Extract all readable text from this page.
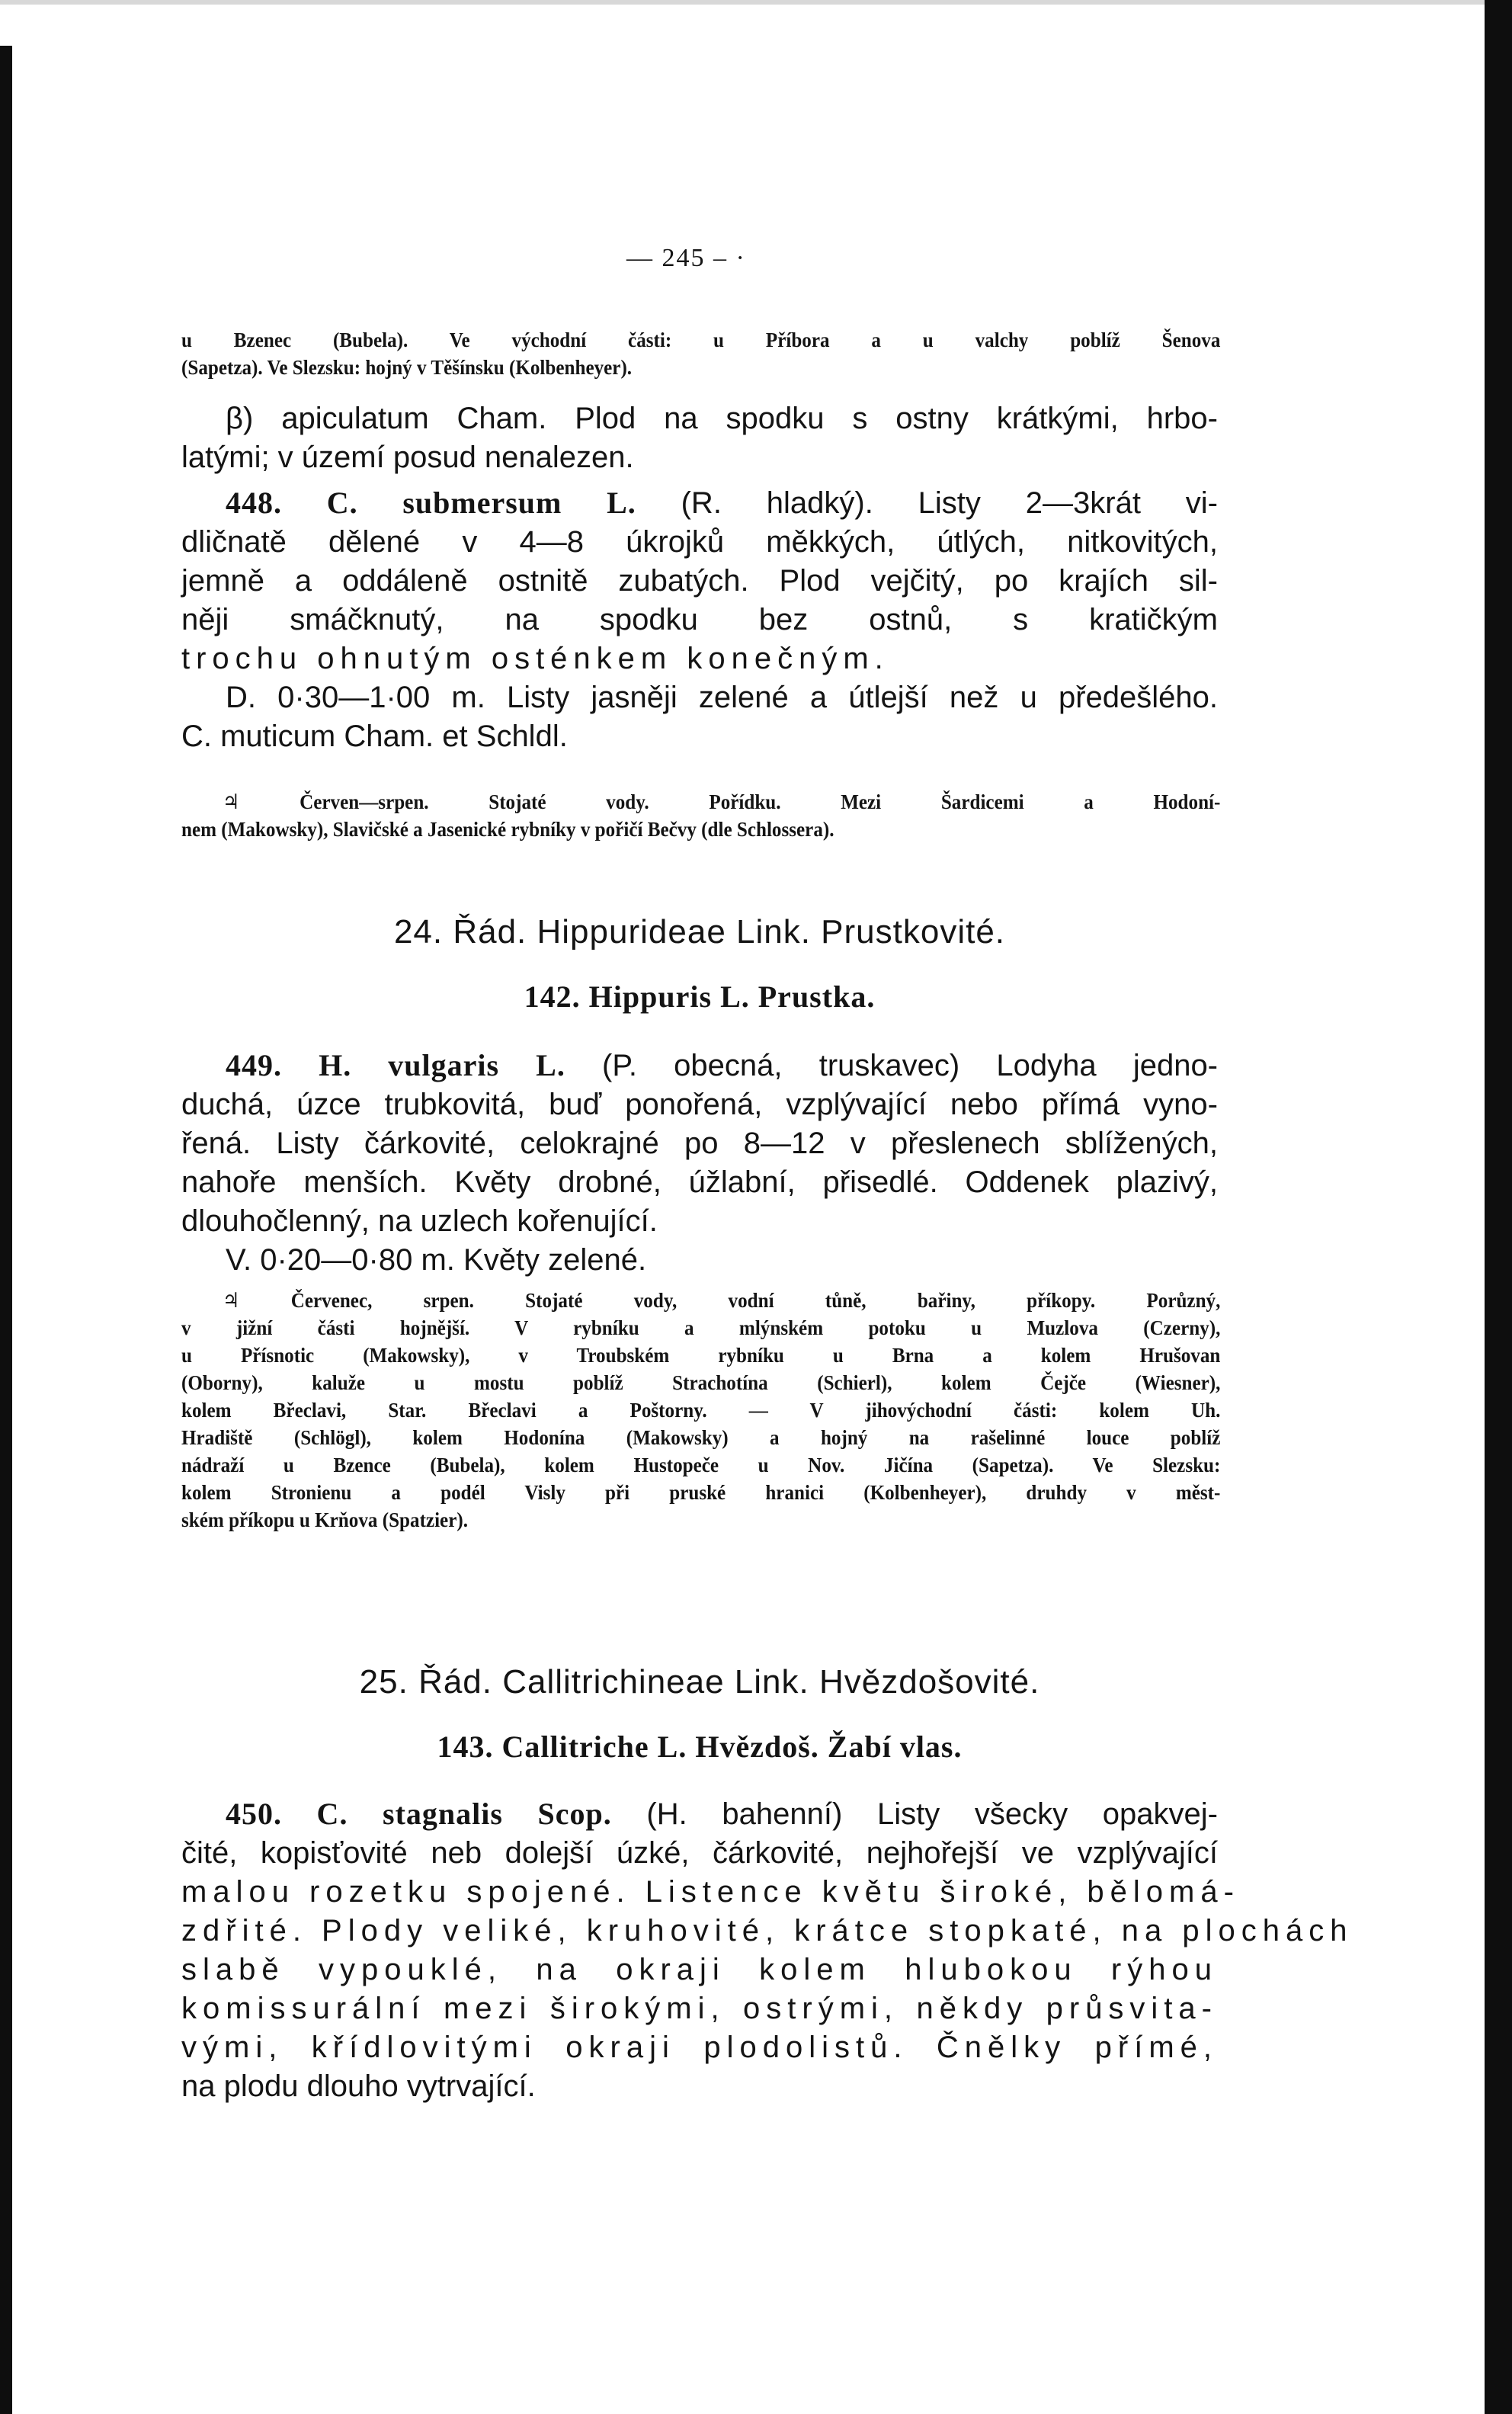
— 245 – ·
u Bzenec (Bubela). Ve východní části: u Příbora a u valchy poblíž Šenova
(Sapetza). Ve Slezsku: hojný v Těšínsku (Kolbenheyer).
β) apiculatum Cham. Plod na spodku s ostny krátkými, hrbo-
latými; v území posud nenalezen.
448. C. submersum L. (R. hladký). Listy 2—3krát vi-
dličnatě dělené v 4—8 úkrojků měkkých, útlých, nitkovitých,
jemně a oddáleně ostnitě zubatých. Plod vejčitý, po krajích sil-
něji smáčknutý, na spodku bez ostnů, s kratičkým
trochu ohnutým osténkem konečným.
D. 0·30—1·00 m. Listy jasněji zelené a útlejší než u předešlého.
C. muticum Cham. et Schldl.
♃ Červen—srpen. Stojaté vody. Pořídku. Mezi Šardicemi a Hodoní-
nem (Makowsky), Slavičské a Jasenické rybníky v pořičí Bečvy (dle Schlossera).

24. Řád. Hippurideae Link. Prustkovité.

142. Hippuris L. Prustka.

449. H. vulgaris L. (P. obecná, truskavec) Lodyha jedno-
duchá, úzce trubkovitá, buď ponořená, vzplývající nebo přímá vyno-
řená. Listy čárkovité, celokrajné po 8—12 v přeslenech sblížených,
nahoře menších. Květy drobné, úžlabní, přisedlé. Oddenek plazivý,
dlouhočlenný, na uzlech kořenující.
V. 0·20—0·80 m. Květy zelené.
♃ Červenec, srpen. Stojaté vody, vodní tůně, bařiny, příkopy. Porůzný,
v jižní části hojnější. V rybníku a mlýnském potoku u Muzlova (Czerny),
u Přísnotic (Makowsky), v Troubském rybníku u Brna a kolem Hrušovan
(Oborny), kaluže u mostu poblíž Strachotína (Schierl), kolem Čejče (Wiesner),
kolem Břeclavi, Star. Břeclavi a Poštorny. — V jihovýchodní části: kolem Uh.
Hradiště (Schlögl), kolem Hodonína (Makowsky) a hojný na rašelinné louce poblíž
nádraží u Bzence (Bubela), kolem Hustopeče u Nov. Jičína (Sapetza). Ve Slezsku:
kolem Stronienu a podél Visly při pruské hranici (Kolbenheyer), druhdy v měst-
ském příkopu u Krňova (Spatzier).

25. Řád. Callitrichineae Link. Hvězdošovité.

143. Callitriche L. Hvězdoš. Žabí vlas.

450. C. stagnalis Scop. (H. bahenní) Listy všecky opakvej-
čité, kopisťovité neb dolejší úzké, čárkovité, nejhořejší ve vzplývající
malou rozetku spojené. Listence květu široké, bělomá-
zdřité. Plody veliké, kruhovité, krátce stopkaté, na plochách
slabě vypouklé, na okraji kolem hlubokou rýhou
komissurální mezi širokými, ostrými, někdy průsvita-
vými, křídlovitými okraji plodolistů. Čnělky přímé,
na plodu dlouho vytrvající.
